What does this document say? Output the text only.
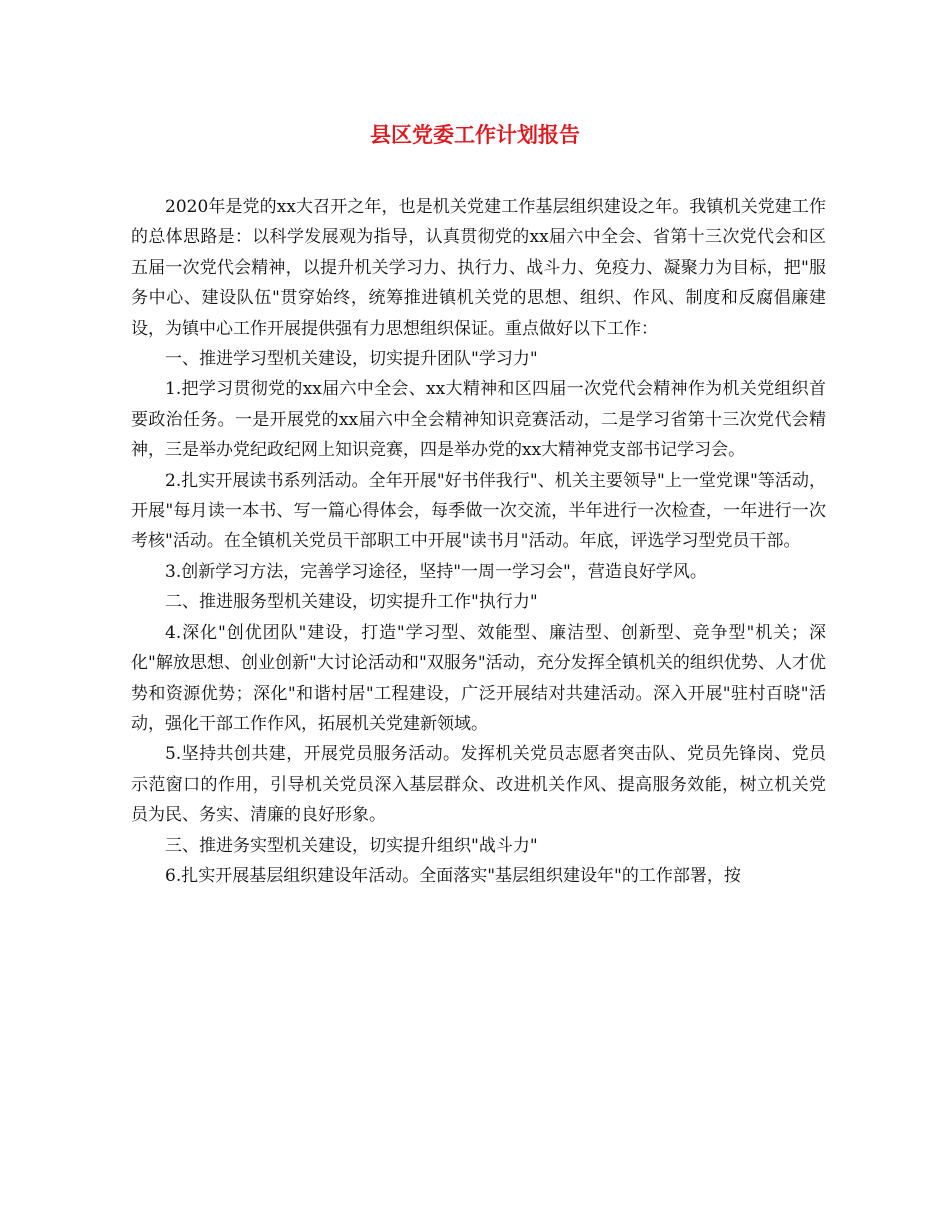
县区党委工作计划报告

2020年是党的xx大召开之年，也是机关党建工作基层组织建设之年。我镇机关党建工作的总体思路是：以科学发展观为指导，认真贯彻党的xx届六中全会、省第十三次党代会和区五届一次党代会精神，以提升机关学习力、执行力、战斗力、免疫力、凝聚力为目标，把"服务中心、建设队伍"贯穿始终，统筹推进镇机关党的思想、组织、作风、制度和反腐倡廉建设，为镇中心工作开展提供强有力思想组织保证。重点做好以下工作：

一、推进学习型机关建设，切实提升团队"学习力"

1.把学习贯彻党的xx届六中全会、xx大精神和区四届一次党代会精神作为机关党组织首要政治任务。一是开展党的xx届六中全会精神知识竞赛活动，二是学习省第十三次党代会精神，三是举办党纪政纪网上知识竞赛，四是举办党的xx大精神党支部书记学习会。

2.扎实开展读书系列活动。全年开展"好书伴我行"、机关主要领导"上一堂党课"等活动，开展"每月读一本书、写一篇心得体会，每季做一次交流，半年进行一次检查，一年进行一次考核"活动。在全镇机关党员干部职工中开展"读书月"活动。年底，评选学习型党员干部。

3.创新学习方法，完善学习途径，坚持"一周一学习会"，营造良好学风。

二、推进服务型机关建设，切实提升工作"执行力"

4.深化"创优团队"建设，打造"学习型、效能型、廉洁型、创新型、竞争型"机关；深化"解放思想、创业创新"大讨论活动和"双服务"活动，充分发挥全镇机关的组织优势、人才优势和资源优势；深化"和谐村居"工程建设，广泛开展结对共建活动。深入开展"驻村百晓"活动，强化干部工作作风，拓展机关党建新领域。

5.坚持共创共建，开展党员服务活动。发挥机关党员志愿者突击队、党员先锋岗、党员示范窗口的作用，引导机关党员深入基层群众、改进机关作风、提高服务效能，树立机关党员为民、务实、清廉的良好形象。

三、推进务实型机关建设，切实提升组织"战斗力"

6.扎实开展基层组织建设年活动。全面落实"基层组织建设年"的工作部署，按
